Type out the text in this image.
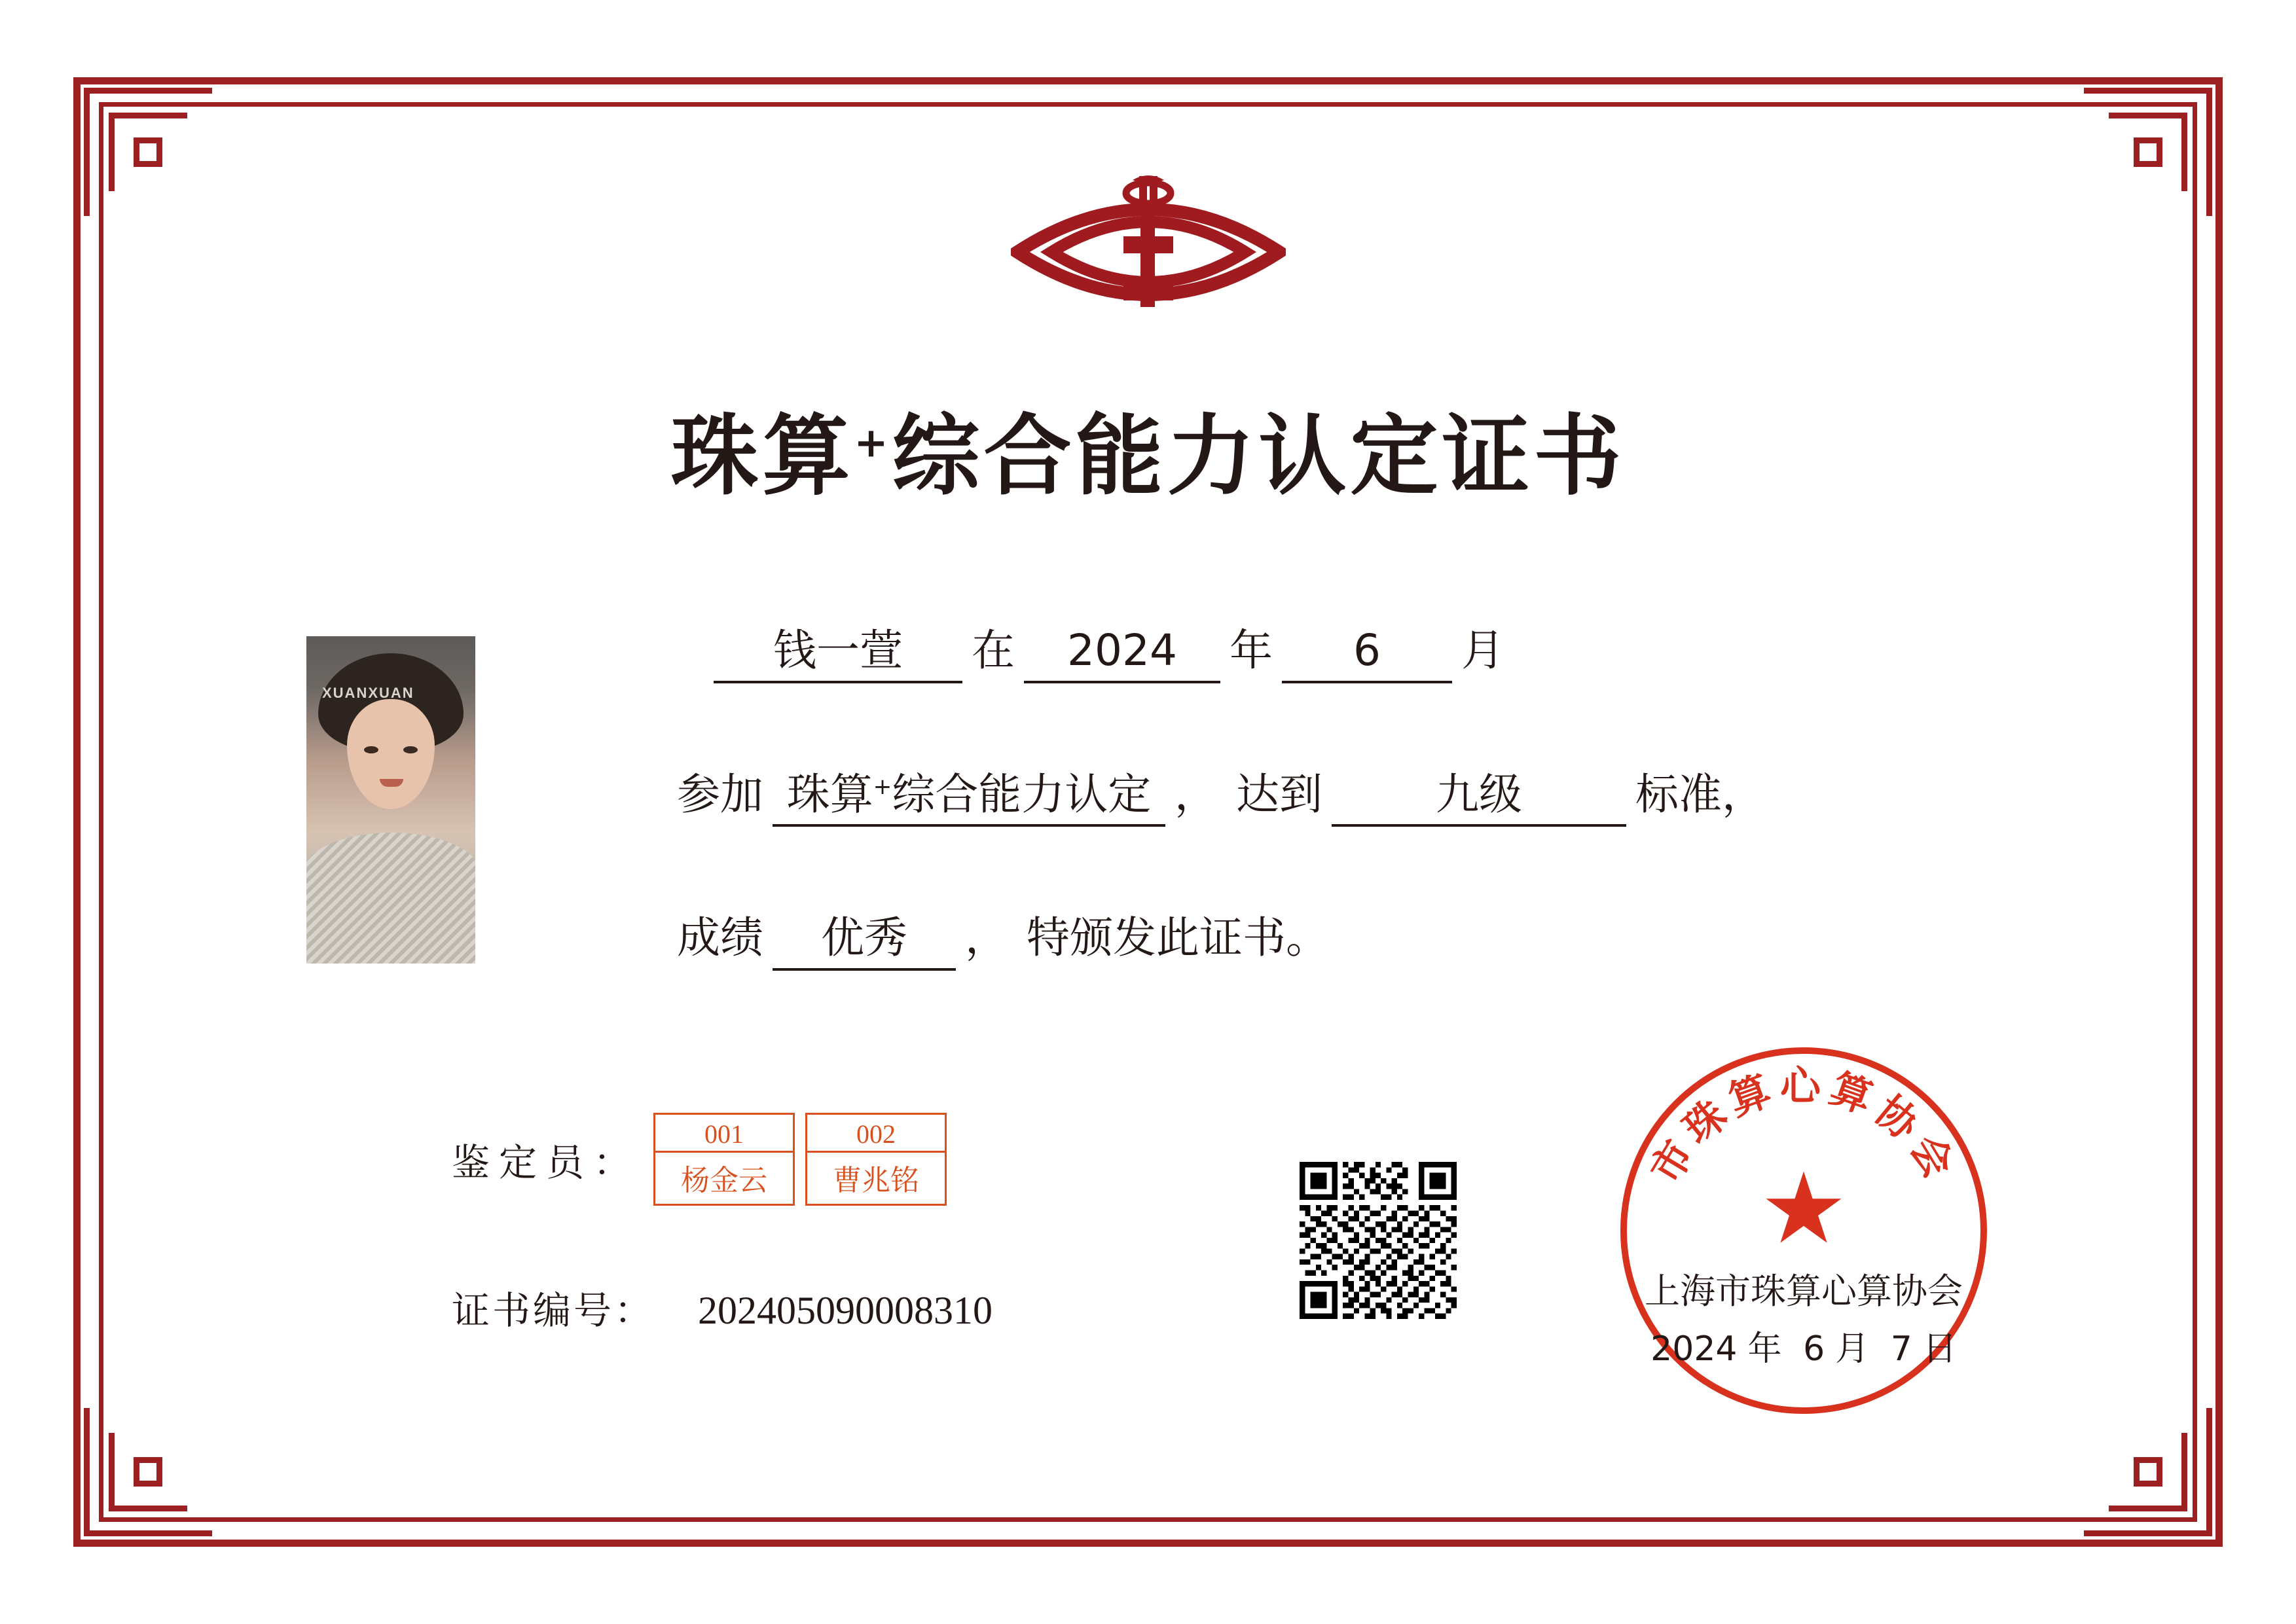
珠算+综合能力认定证书
XUANXUAN
钱一萱	在	2024	年	6	月
参加 珠算+综合能力认定 ， 达到	九级	标准，
成绩	优秀	， 特颁发此证书。
鉴定员：
001
杨金云
002
曹兆铭
证书编号： 202405090008310
市珠算心算协会
★
上海市珠算心算协会
2024 年 6 月 7 日
